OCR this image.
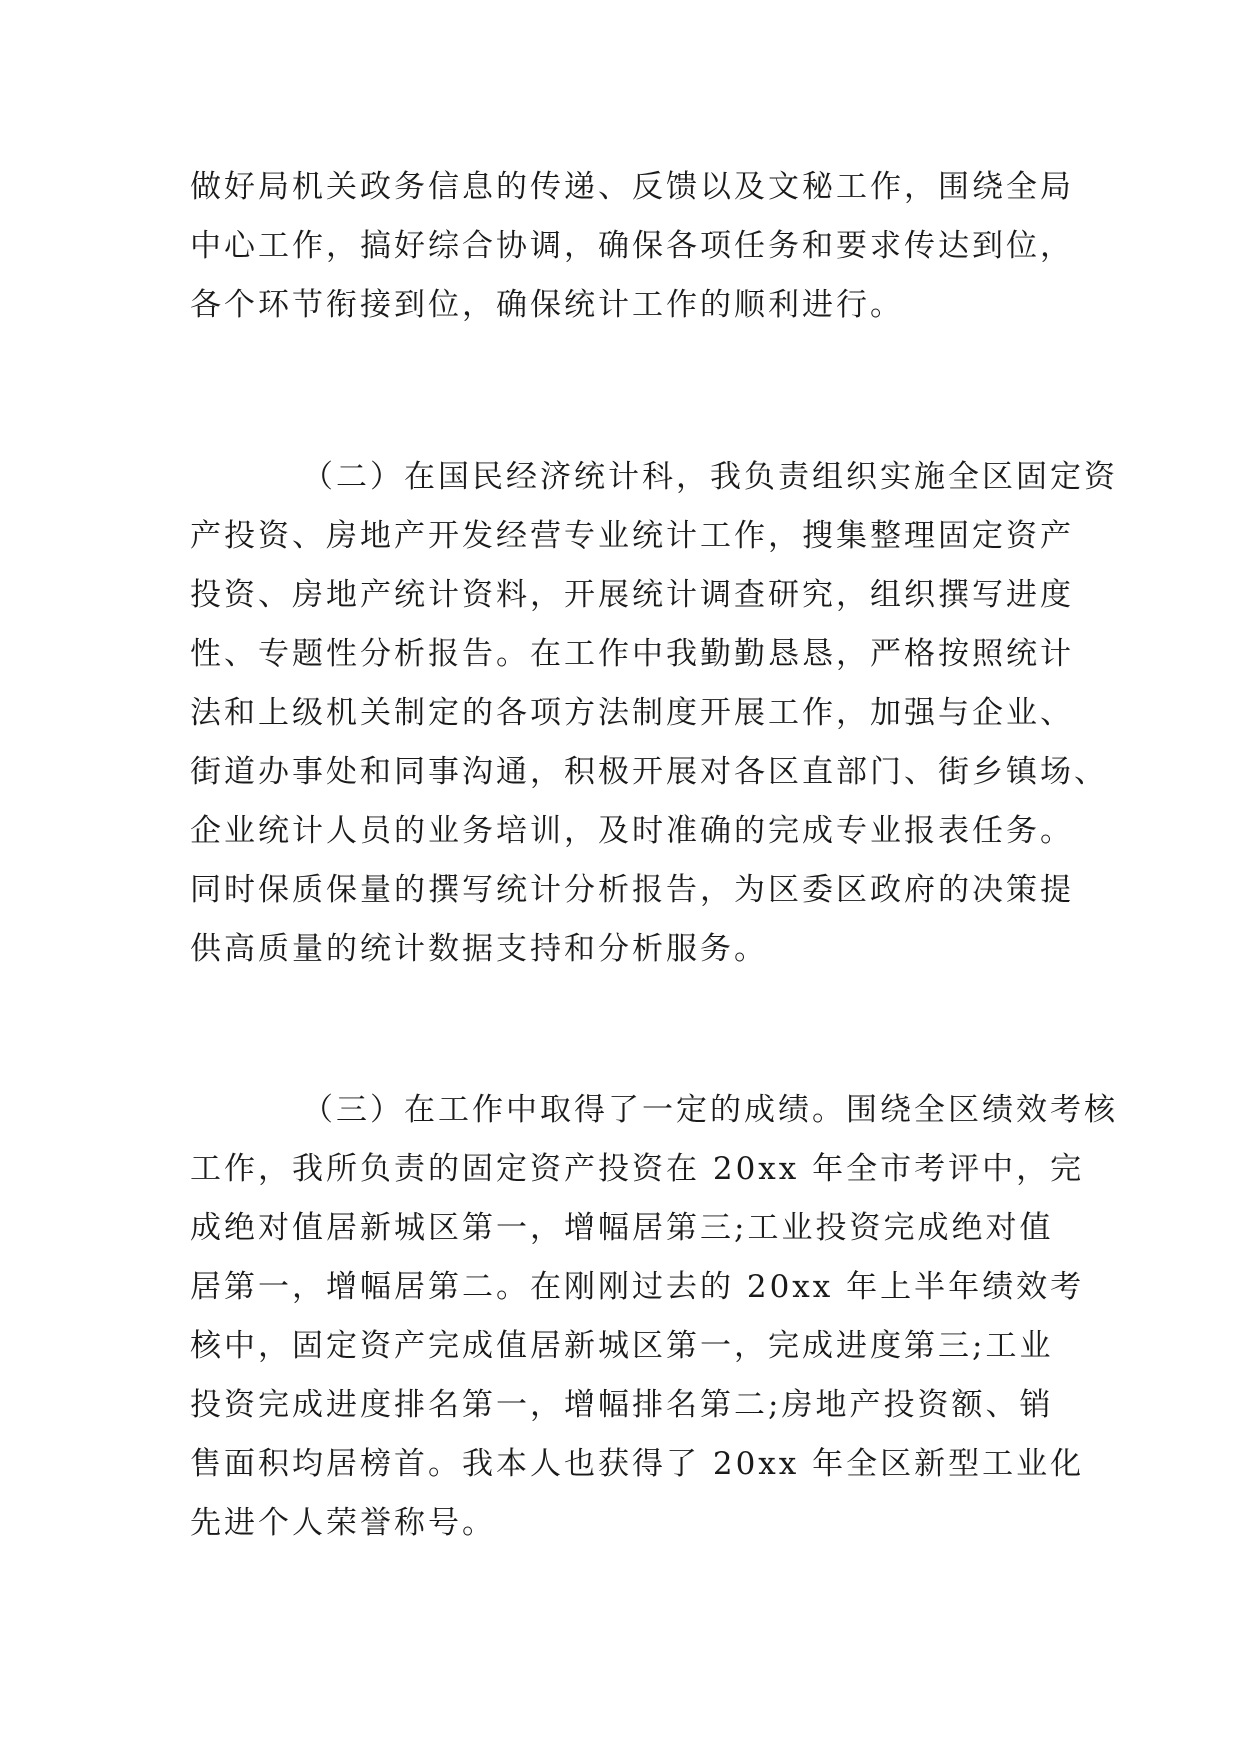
做好局机关政务信息的传递、反馈以及文秘工作，围绕全局
中心工作，搞好综合协调，确保各项任务和要求传达到位，
各个环节衔接到位，确保统计工作的顺利进行。
（二）在国民经济统计科，我负责组织实施全区固定资
产投资、房地产开发经营专业统计工作，搜集整理固定资产
投资、房地产统计资料，开展统计调查研究，组织撰写进度
性、专题性分析报告。在工作中我勤勤恳恳，严格按照统计
法和上级机关制定的各项方法制度开展工作，加强与企业、
街道办事处和同事沟通，积极开展对各区直部门、街乡镇场、
企业统计人员的业务培训，及时准确的完成专业报表任务。
同时保质保量的撰写统计分析报告，为区委区政府的决策提
供高质量的统计数据支持和分析服务。
（三）在工作中取得了一定的成绩。围绕全区绩效考核
工作，我所负责的固定资产投资在 20xx 年全市考评中，完
成绝对值居新城区第一，增幅居第三;工业投资完成绝对值
居第一，增幅居第二。在刚刚过去的 20xx 年上半年绩效考
核中，固定资产完成值居新城区第一，完成进度第三;工业
投资完成进度排名第一，增幅排名第二;房地产投资额、销
售面积均居榜首。我本人也获得了 20xx 年全区新型工业化
先进个人荣誉称号。
